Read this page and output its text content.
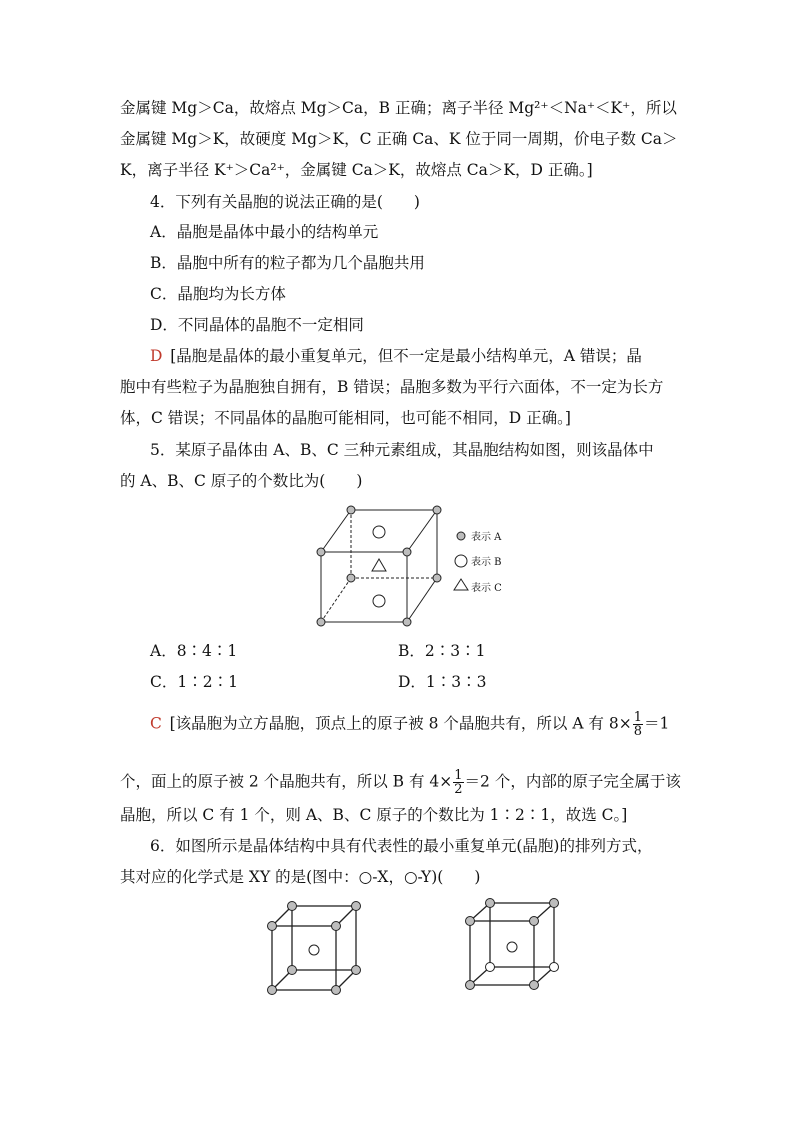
金属键 Mg＞Ca，故熔点 Mg＞Ca，B 正确；离子半径 Mg²⁺＜Na⁺＜K⁺，所以
金属键 Mg＞K，故硬度 Mg＞K，C 正确 Ca、K 位于同一周期，价电子数 Ca＞
K，离子半径 K⁺＞Ca²⁺，金属键 Ca＞K，故熔点 Ca＞K，D 正确。]
4．下列有关晶胞的说法正确的是(　　)
A．晶胞是晶体中最小的结构单元
B．晶胞中所有的粒子都为几个晶胞共用
C．晶胞均为长方体
D．不同晶体的晶胞不一定相同
D  [晶胞是晶体的最小重复单元，但不一定是最小结构单元，A 错误；晶
胞中有些粒子为晶胞独自拥有，B 错误；晶胞多数为平行六面体，不一定为长方
体，C 错误；不同晶体的晶胞可能相同，也可能不相同，D 正确。]
5．某原子晶体由 A、B、C 三种元素组成，其晶胞结构如图，则该晶体中
的 A、B、C 原子的个数比为(　　)
表示 A
表示 B
表示 C
A．8∶4∶1	B．2∶3∶1
C．1∶2∶1	D．1∶3∶3
C  [该晶胞为立方晶胞，顶点上的原子被 8 个晶胞共有，所以 A 有 $8\times \frac{1}{8} =1$
个，面上的原子被 2 个晶胞共有，所以 B 有 $4\times \frac{1}{2} =2$ 个，内部的原子完全属于该
晶胞，所以 C 有 1 个，则 A、B、C 原子的个数比为 1∶2∶1，故选 C。]
6．如图所示是晶体结构中具有代表性的最小重复单元(晶胞)的排列方式，
其对应的化学式是 XY 的是(图中：○-X，○-Y)(　　)
